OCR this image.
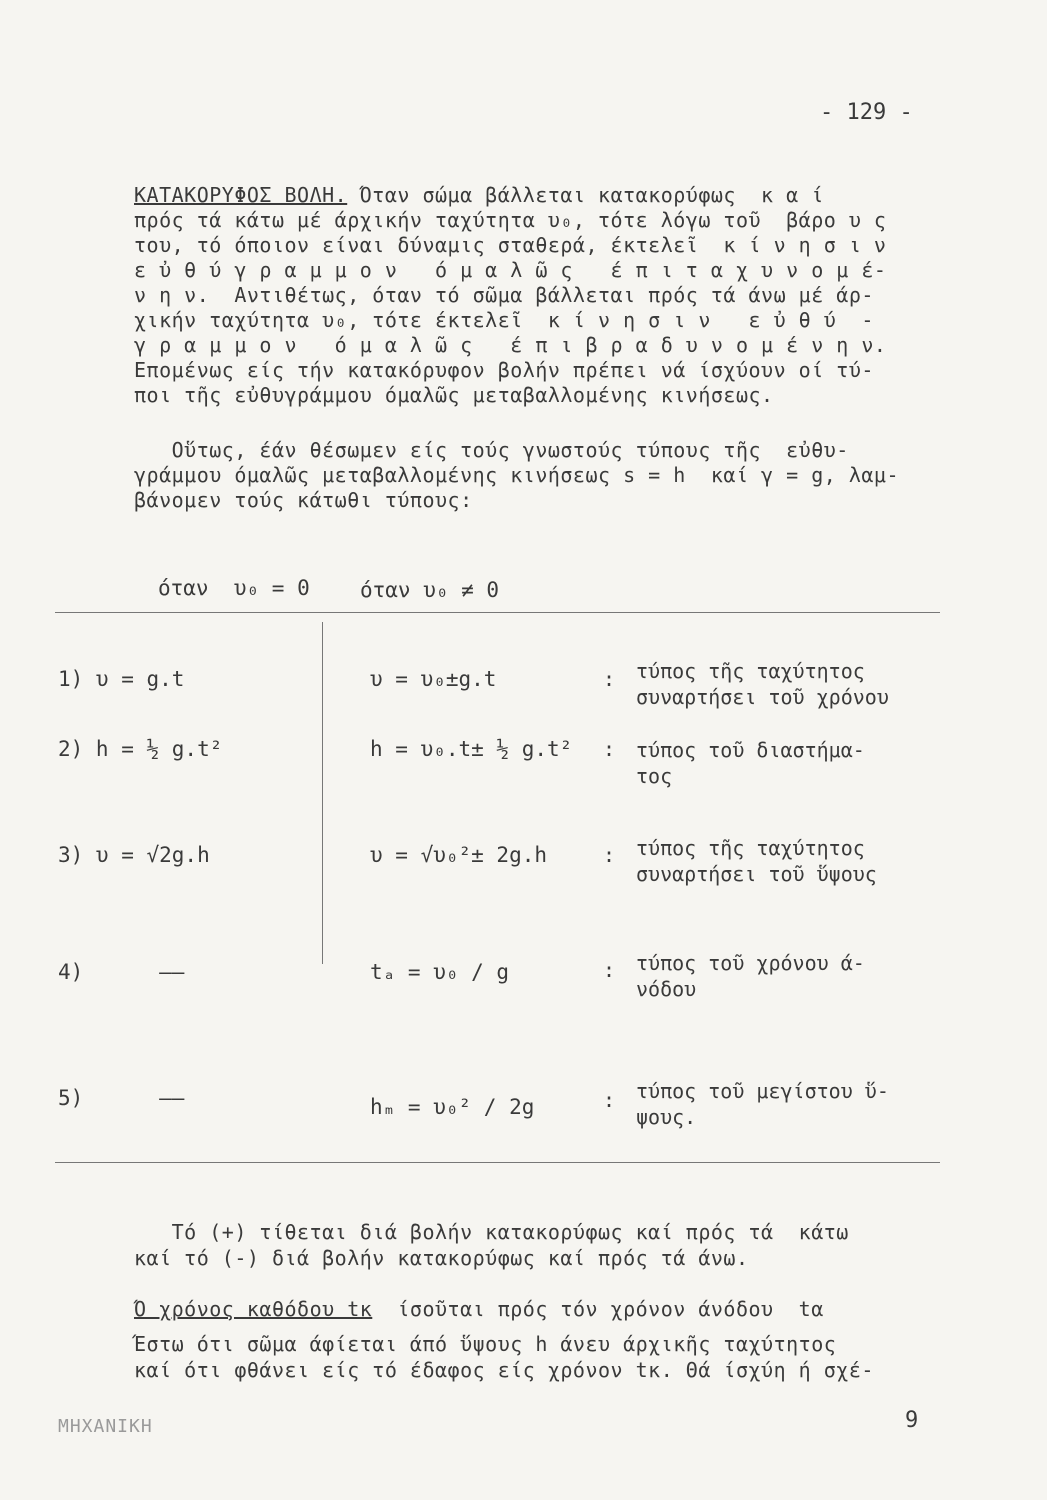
- 129 -
ΚΑΤΑΚΟΡΥΦΟΣ ΒΟΛΗ. Όταν σώμα βάλλεται κατακορύφως  κ α ί
πρός τά κάτω μέ άρχικήν ταχύτητα υ₀, τότε λόγω τοῦ  βάρο υ ς
του, τό όποιον είναι δύναμις σταθερά, έκτελεῖ  κ ί ν η σ ι ν
ε ὐ θ ύ γ ρ α μ μ ο ν   ό μ α λ ῶ ς   έ π ι τ α χ υ ν ο μ έ-
ν η ν.  Αντιθέτως, όταν τό σῶμα βάλλεται πρός τά άνω μέ άρ-
χικήν ταχύτητα υ₀, τότε έκτελεῖ  κ ί ν η σ ι ν   ε ὐ θ ύ  -
γ ρ α μ μ ο ν   ό μ α λ ῶ ς   έ π ι β ρ α δ υ ν ο μ έ ν η ν.
Επομένως είς τήν κατακόρυφον βολήν πρέπει νά ίσχύουν οί τύ-
ποι τῆς εὐθυγράμμου όμαλῶς μεταβαλλομένης κινήσεως.
Οὕτως, έάν θέσωμεν είς τούς γνωστούς τύπους τῆς  εὐθυ-
γράμμου όμαλῶς μεταβαλλομένης κινήσεως s = h  καί γ = g, λαμ-
βάνομεν τούς κάτωθι τύπους:
όταν  υ₀ = 0 όταν υ₀ ≠ 0
1) υ = g.t	υ = υ₀±g.t	: τύπος τῆς ταχύτητος
συναρτήσει τοῦ χρόνου
2) h = ½ g.t²	h = υ₀.t± ½ g.t² : τύπος τοῦ διαστήμα-
τος
3) υ = √2g.h	υ = √υ₀²± 2g.h	: τύπος τῆς ταχύτητος
συναρτήσει τοῦ ὕψους
4)      ——	tₐ = υ₀ / g	: τύπος τοῦ χρόνου ά-
νόδου
5)      ——	hₘ = υ₀² / 2g	: τύπος τοῦ μεγίστου ὕ-
ψους.
Τό (+) τίθεται διά βολήν κατακορύφως καί πρός τά  κάτω
καί τό (-) διά βολήν κατακορύφως καί πρός τά άνω.
Ό χρόνος καθόδου tκ  ίσοῦται πρός τόν χρόνον άνόδου  tα
Έστω ότι σῶμα άφίεται άπό ὕψους h άνευ άρχικῆς ταχύτητος
καί ότι φθάνει είς τό έδαφος είς χρόνον tκ. Θά ίσχύη ή σχέ-
ΜΗΧΑΝΙΚΗ	9
